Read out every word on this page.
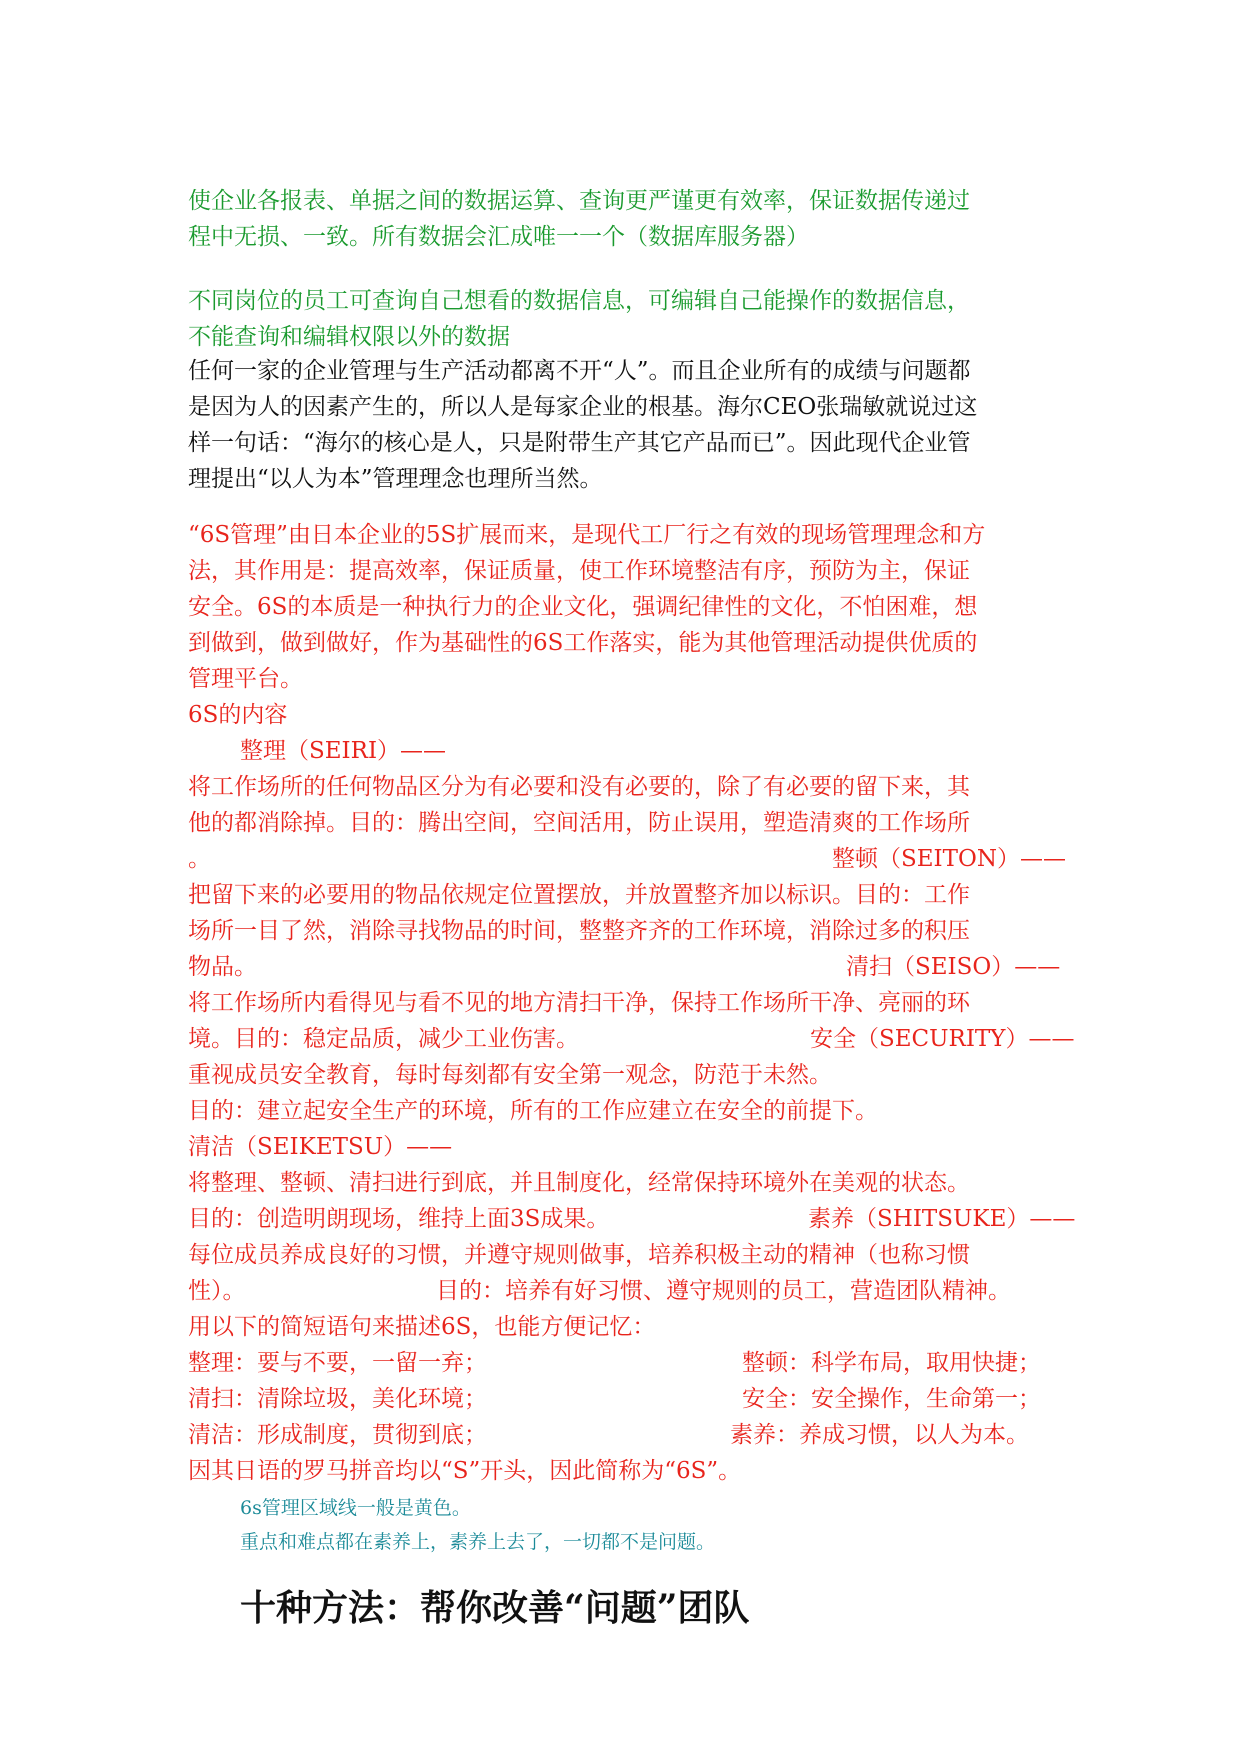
使企业各报表、单据之间的数据运算、查询更严谨更有效率，保证数据传递过
程中无损、一致。所有数据会汇成唯一一个（数据库服务器）
不同岗位的员工可查询自己想看的数据信息，可编辑自己能操作的数据信息，
不能查询和编辑权限以外的数据
任何一家的企业管理与生产活动都离不开“人”。而且企业所有的成绩与问题都
是因为人的因素产生的，所以人是每家企业的根基。海尔CEO张瑞敏就说过这
样一句话：“海尔的核心是人，只是附带生产其它产品而已”。因此现代企业管
理提出“以人为本”管理理念也理所当然。
“6S管理”由日本企业的5S扩展而来，是现代工厂行之有效的现场管理理念和方
法，其作用是：提高效率，保证质量，使工作环境整洁有序，预防为主，保证
安全。6S的本质是一种执行力的企业文化，强调纪律性的文化，不怕困难，想
到做到，做到做好，作为基础性的6S工作落实，能为其他管理活动提供优质的
管理平台。
6S的内容
整理（SEIRI）——
将工作场所的任何物品区分为有必要和没有必要的，除了有必要的留下来，其
他的都消除掉。目的：腾出空间，空间活用，防止误用，塑造清爽的工作场所
。	整顿（SEITON）——
把留下来的必要用的物品依规定位置摆放，并放置整齐加以标识。目的：工作
场所一目了然，消除寻找物品的时间，整整齐齐的工作环境，消除过多的积压
物品。	清扫（SEISO）——
将工作场所内看得见与看不见的地方清扫干净，保持工作场所干净、亮丽的环
境。目的：稳定品质，减少工业伤害。	安全（SECURITY）——
重视成员安全教育，每时每刻都有安全第一观念，防范于未然。
目的：建立起安全生产的环境，所有的工作应建立在安全的前提下。
清洁（SEIKETSU）——
将整理、整顿、清扫进行到底，并且制度化，经常保持环境外在美观的状态。
目的：创造明朗现场，维持上面3S成果。	素养（SHITSUKE）——
每位成员养成良好的习惯，并遵守规则做事，培养积极主动的精神（也称习惯
性）。	目的：培养有好习惯、遵守规则的员工，营造团队精神。
用以下的简短语句来描述6S，也能方便记忆：
整理：要与不要，一留一弃；	整顿：科学布局，取用快捷；
清扫：清除垃圾，美化环境；	安全：安全操作，生命第一；
清洁：形成制度，贯彻到底；	素养：养成习惯，以人为本。
因其日语的罗马拼音均以“S”开头，因此简称为“6S”。
6s管理区域线一般是黄色。
重点和难点都在素养上，素养上去了，一切都不是问题。
十种方法：帮你改善“问题”团队
